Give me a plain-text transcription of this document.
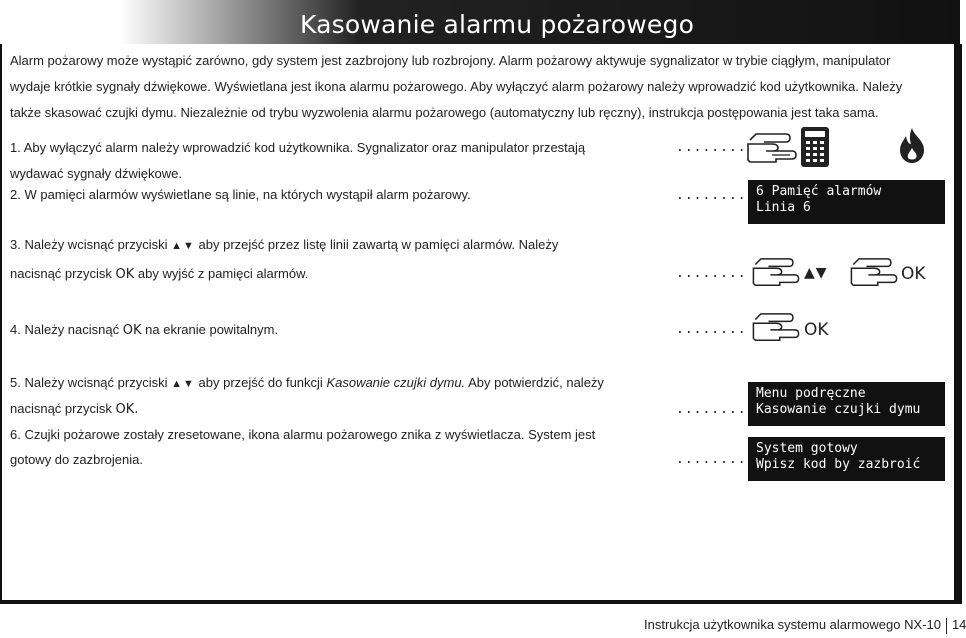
Kasowanie alarmu pożarowego
Alarm pożarowy może wystąpić zarówno, gdy system jest zazbrojony lub rozbrojony. Alarm pożarowy aktywuje sygnalizator w trybie ciągłym, manipulator
wydaje krótkie sygnały dźwiękowe. Wyświetlana jest ikona alarmu pożarowego. Aby wyłączyć alarm pożarowy należy wprowadzić kod użytkownika. Należy
także skasować czujki dymu. Niezależnie od trybu wyzwolenia alarmu pożarowego (automatyczny lub ręczny), instrukcja postępowania jest taka sama.
1. Aby wyłączyć alarm należy wprowadzić kod użytkownika. Sygnalizator oraz manipulator przestają
wydawać sygnały dźwiękowe.
........
2. W pamięci alarmów wyświetlane są linie, na których wystąpił alarm pożarowy.	........ 6 Pamięć alarmów
Linia 6
3. Należy wcisnąć przyciski ▲▼ aby przejść przez listę linii zawartą w pamięci alarmów. Należy
nacisnąć przycisk OK aby wyjść z pamięci alarmów.	........	▲▼	OK
4. Należy nacisnąć OK na ekranie powitalnym.	........	OK
5. Należy wcisnąć przyciski ▲▼ aby przejść do funkcji Kasowanie czujki dymu. Aby potwierdzić, należy
nacisnąć przycisk OK.	........
Menu podręczne
Kasowanie czujki dymu
6. Czujki pożarowe zostały zresetowane, ikona alarmu pożarowego znika z wyświetlacza. System jest
gotowy do zazbrojenia.	........
System gotowy
Wpisz kod by zazbroić
Instrukcja użytkownika systemu alarmowego NX-10 14
